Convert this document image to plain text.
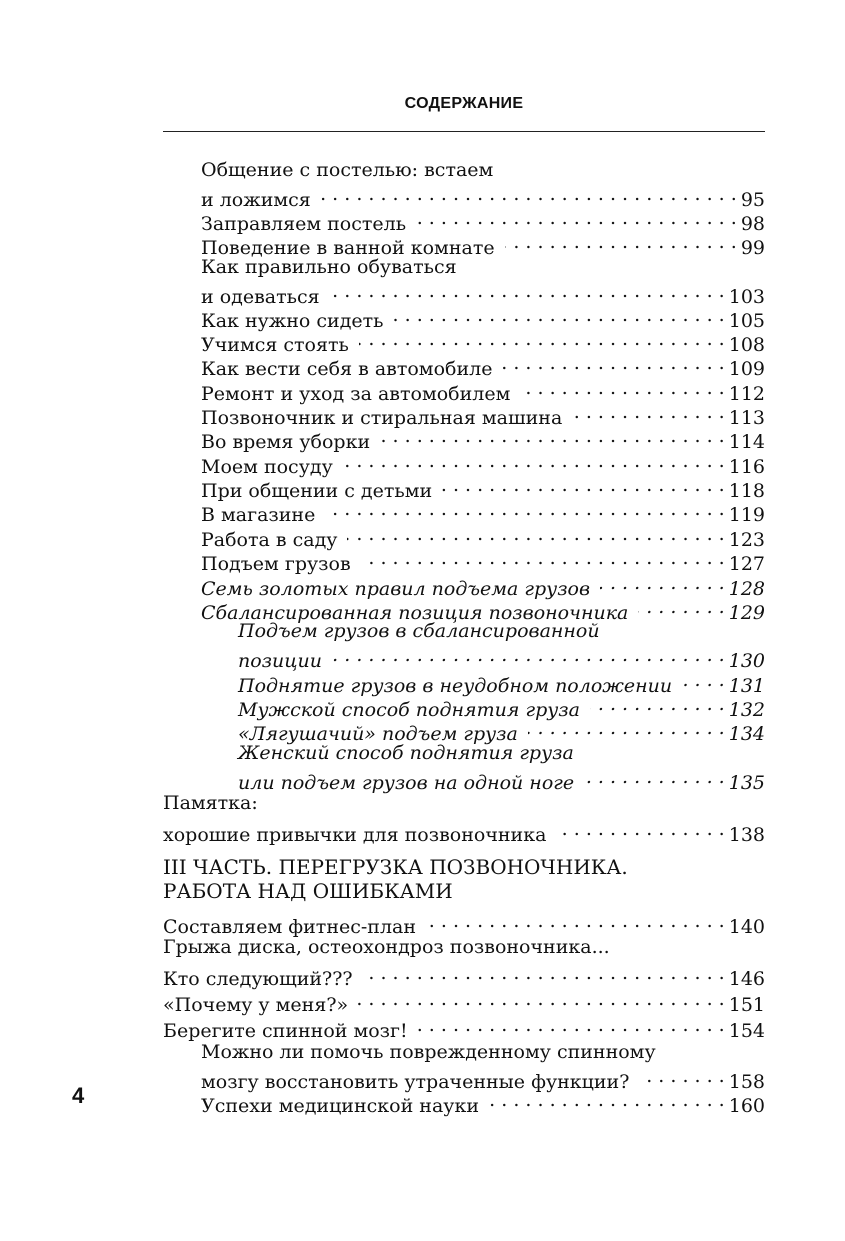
СОДЕРЖАНИЕ
Общение с постелью: встаем
и ложимся . . .	95
Заправляем постель . . .	98
Поведение в ванной комнате . . .	99
Как правильно обуваться
и одеваться . . .	103
Как нужно сидеть . . .	105
Учимся стоять . . .	108
Как вести себя в автомобиле . . .	109
Ремонт и уход за автомобилем . . .	112
Позвоночник и стиральная машина . . .	113
Во время уборки . . .	114
Моем посуду . . .	116
При общении с детьми . . .	118
В магазине . . .	119
Работа в саду . . .	123
Подъем грузов . . .	127
Семь золотых правил подъема грузов . . .	128
Сбалансированная позиция позвоночника . . .	129
Подъем грузов в сбалансированной
позиции . . .	130
Поднятие грузов в неудобном положении . . .	131
Мужской способ поднятия груза . . .	132
«Лягушачий» подъем груза . . .	134
Женский способ поднятия груза
или подъем грузов на одной ноге . . .	135
Памятка:
хорошие привычки для позвоночника . . .	138
III ЧАСТЬ. ПЕРЕГРУЗКА ПОЗВОНОЧНИКА.
РАБОТА НАД ОШИБКАМИ
Составляем фитнес-план . . .	140
Грыжа диска, остеохондроз позвоночника...
Кто следующий??? . . .	146
«Почему у меня?» . . .	151
Берегите спинной мозг! . . .	154
Можно ли помочь поврежденному спинному
мозгу восстановить утраченные функции? . . .	158
Успехи медицинской науки . . .	160
4
